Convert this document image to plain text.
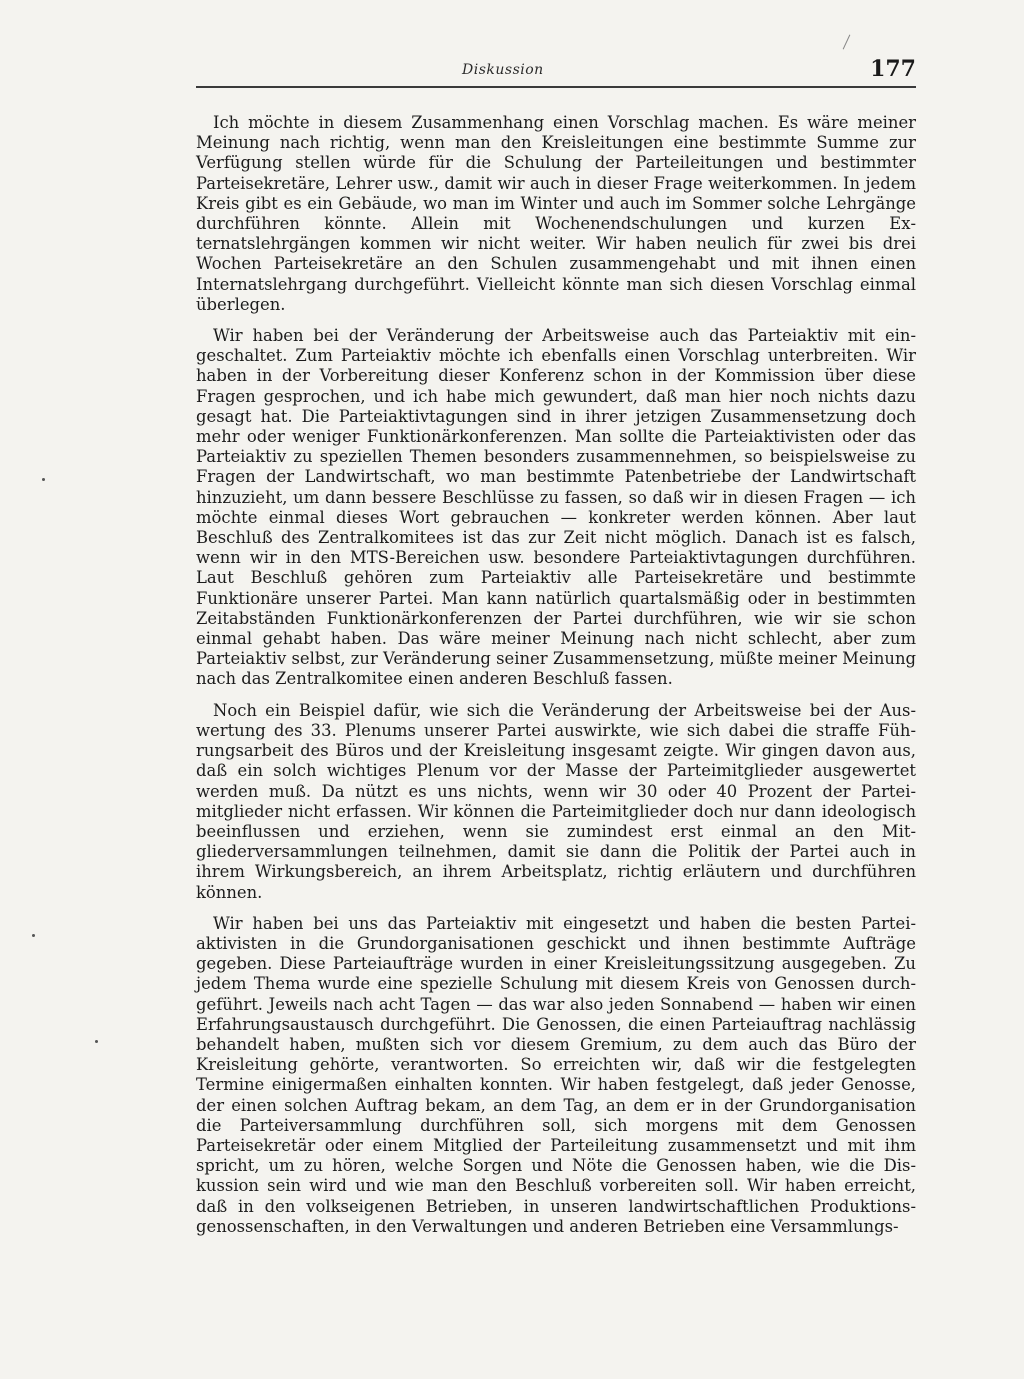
Diskussion	177

Ich möchte in diesem Zusammenhang einen Vorschlag machen. Es wäre meiner Meinung nach richtig, wenn man den Kreisleitungen eine bestimmte Summe zur Verfügung stellen würde für die Schulung der Parteileitungen und bestimmter Parteisekretäre, Lehrer usw., damit wir auch in dieser Frage weiterkommen. In jedem Kreis gibt es ein Gebäude, wo man im Winter und auch im Sommer solche Lehrgänge durchführen könnte. Allein mit Wochenendschulungen und kurzen Externatslehrgängen kommen wir nicht weiter. Wir haben neulich für zwei bis drei Wochen Parteisekretäre an den Schulen zusammengehabt und mit ihnen einen Internatslehrgang durchgeführt. Vielleicht könnte man sich diesen Vorschlag einmal überlegen.

Wir haben bei der Veränderung der Arbeitsweise auch das Parteiaktiv mit eingeschaltet. Zum Parteiaktiv möchte ich ebenfalls einen Vorschlag unterbreiten. Wir haben in der Vorbereitung dieser Konferenz schon in der Kommission über diese Fragen gesprochen, und ich habe mich gewundert, daß man hier noch nichts dazu gesagt hat. Die Parteiaktivtagungen sind in ihrer jetzigen Zusammensetzung doch mehr oder weniger Funktionärkonferenzen. Man sollte die Parteiaktivisten oder das Parteiaktiv zu speziellen Themen besonders zusammennehmen, so beispielsweise zu Fragen der Landwirtschaft, wo man bestimmte Patenbetriebe der Landwirtschaft hinzuzieht, um dann bessere Beschlüsse zu fassen, so daß wir in diesen Fragen — ich möchte einmal dieses Wort gebrauchen — konkreter werden können. Aber laut Beschluß des Zentralkomitees ist das zur Zeit nicht möglich. Danach ist es falsch, wenn wir in den MTS-Bereichen usw. besondere Parteiaktivtagungen durchführen. Laut Beschluß gehören zum Parteiaktiv alle Parteisekretäre und bestimmte Funktionäre unserer Partei. Man kann natürlich quartalsmäßig oder in bestimmten Zeitabständen Funktionärkonferenzen der Partei durchführen, wie wir sie schon einmal gehabt haben. Das wäre meiner Meinung nach nicht schlecht, aber zum Parteiaktiv selbst, zur Veränderung seiner Zusammensetzung, müßte meiner Meinung nach das Zentralkomitee einen anderen Beschluß fassen.

Noch ein Beispiel dafür, wie sich die Veränderung der Arbeitsweise bei der Auswertung des 33. Plenums unserer Partei auswirkte, wie sich dabei die straffe Führungsarbeit des Büros und der Kreisleitung insgesamt zeigte. Wir gingen davon aus, daß ein solch wichtiges Plenum vor der Masse der Parteimitglieder ausgewertet werden muß. Da nützt es uns nichts, wenn wir 30 oder 40 Prozent der Parteimitglieder nicht erfassen. Wir können die Parteimitglieder doch nur dann ideologisch beeinflussen und erziehen, wenn sie zumindest erst einmal an den Mitgliederversammlungen teilnehmen, damit sie dann die Politik der Partei auch in ihrem Wirkungsbereich, an ihrem Arbeitsplatz, richtig erläutern und durchführen können.

Wir haben bei uns das Parteiaktiv mit eingesetzt und haben die besten Parteiaktivisten in die Grundorganisationen geschickt und ihnen bestimmte Aufträge gegeben. Diese Parteiaufträge wurden in einer Kreisleitungssitzung ausgegeben. Zu jedem Thema wurde eine spezielle Schulung mit diesem Kreis von Genossen durchgeführt. Jeweils nach acht Tagen — das war also jeden Sonnabend — haben wir einen Erfahrungsaustausch durchgeführt. Die Genossen, die einen Parteiauftrag nachlässig behandelt haben, mußten sich vor diesem Gremium, zu dem auch das Büro der Kreisleitung gehörte, verantworten. So erreichten wir, daß wir die festgelegten Termine einigermaßen einhalten konnten. Wir haben festgelegt, daß jeder Genosse, der einen solchen Auftrag bekam, an dem Tag, an dem er in der Grundorganisation die Parteiversammlung durchführen soll, sich morgens mit dem Genossen Parteisekretär oder einem Mitglied der Parteileitung zusammensetzt und mit ihm spricht, um zu hören, welche Sorgen und Nöte die Genossen haben, wie die Diskussion sein wird und wie man den Beschluß vorbereiten soll. Wir haben erreicht, daß in den volkseigenen Betrieben, in unseren landwirtschaftlichen Produktionsgenossenschaften, in den Verwaltungen und anderen Betrieben eine Versammlungs-
